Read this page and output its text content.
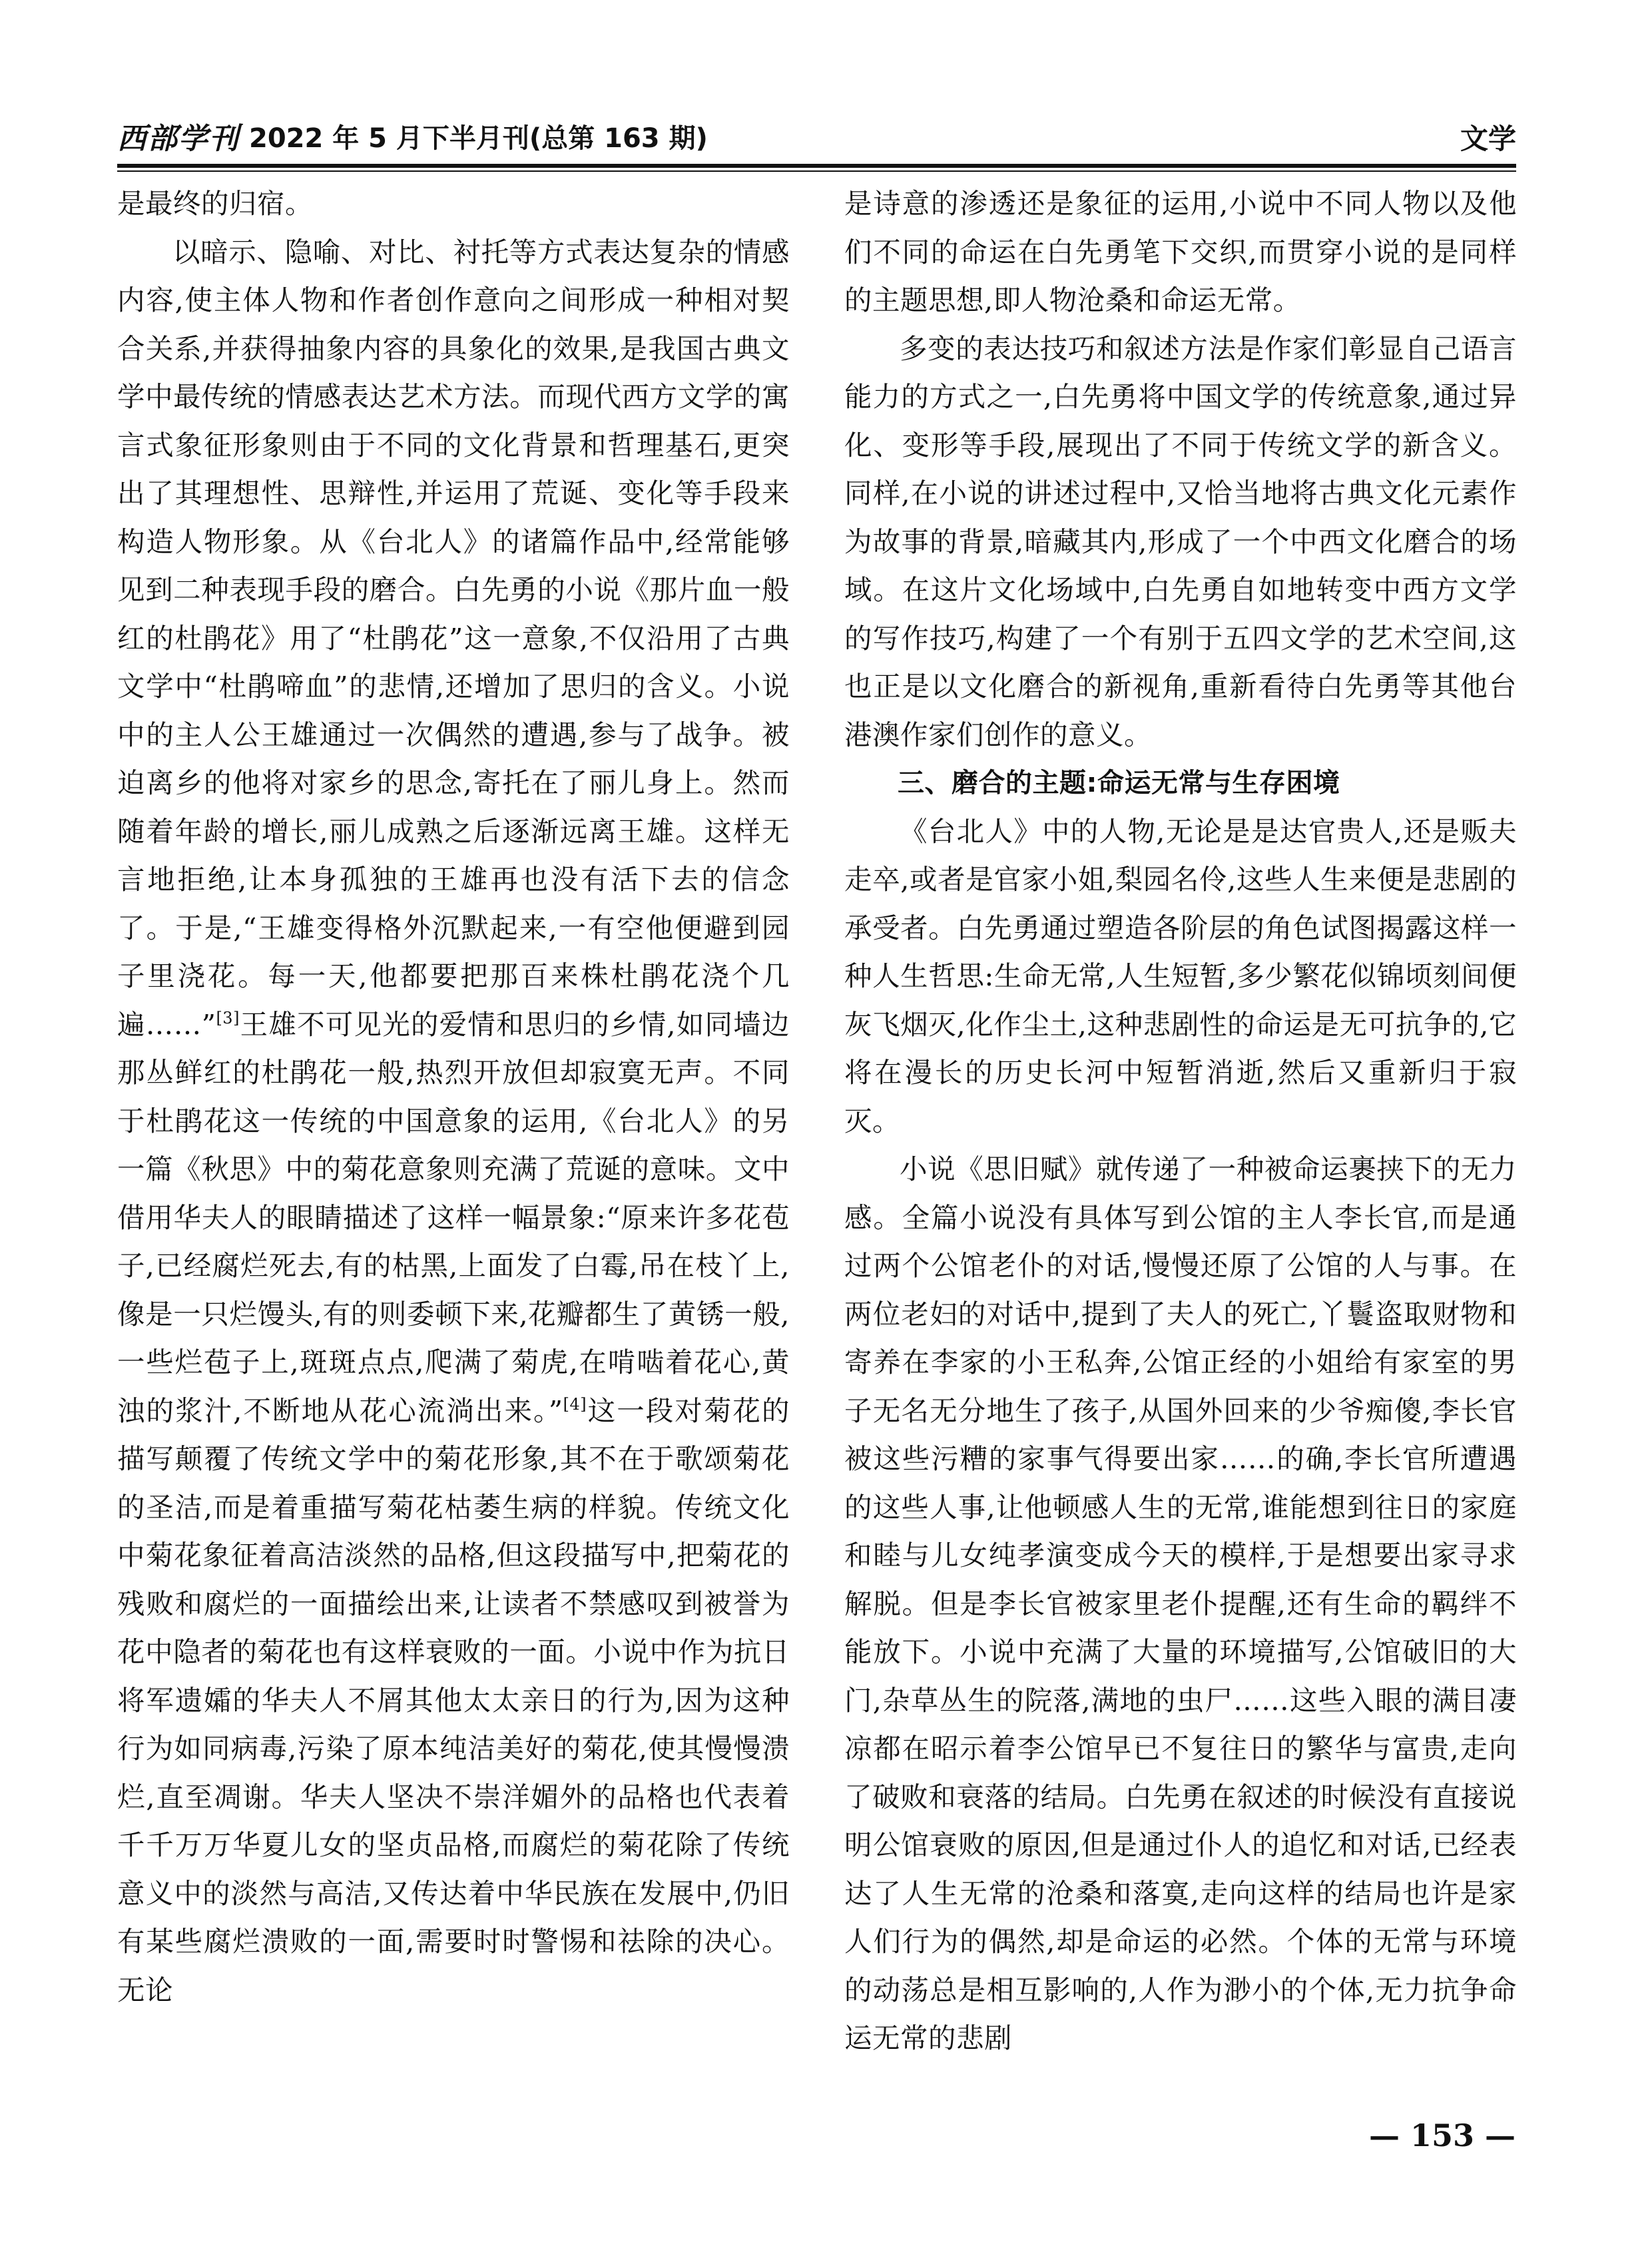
西部学刊 2022 年 5 月下半月刊(总第 163 期)	文学

是最终的归宿。

以暗示、隐喻、对比、衬托等方式表达复杂的情感内容,使主体人物和作者创作意向之间形成一种相对契合关系,并获得抽象内容的具象化的效果,是我国古典文学中最传统的情感表达艺术方法。而现代西方文学的寓言式象征形象则由于不同的文化背景和哲理基石,更突出了其理想性、思辩性,并运用了荒诞、变化等手段来构造人物形象。从《台北人》的诸篇作品中,经常能够见到二种表现手段的磨合。白先勇的小说《那片血一般红的杜鹃花》用了“杜鹃花”这一意象,不仅沿用了古典文学中“杜鹃啼血”的悲情,还增加了思归的含义。小说中的主人公王雄通过一次偶然的遭遇,参与了战争。被迫离乡的他将对家乡的思念,寄托在了丽儿身上。然而随着年龄的增长,丽儿成熟之后逐渐远离王雄。这样无言地拒绝,让本身孤独的王雄再也没有活下去的信念了。于是,“王雄变得格外沉默起来,一有空他便避到园子里浇花。每一天,他都要把那百来株杜鹃花浇个几遍……”[3]王雄不可见光的爱情和思归的乡情,如同墙边那丛鲜红的杜鹃花一般,热烈开放但却寂寞无声。不同于杜鹃花这一传统的中国意象的运用,《台北人》的另一篇《秋思》中的菊花意象则充满了荒诞的意味。文中借用华夫人的眼睛描述了这样一幅景象:“原来许多花苞子,已经腐烂死去,有的枯黑,上面发了白霉,吊在枝丫上,像是一只烂馒头,有的则委顿下来,花瓣都生了黄锈一般,一些烂苞子上,斑斑点点,爬满了菊虎,在啃啮着花心,黄浊的浆汁,不断地从花心流淌出来。”[4]这一段对菊花的描写颠覆了传统文学中的菊花形象,其不在于歌颂菊花的圣洁,而是着重描写菊花枯萎生病的样貌。传统文化中菊花象征着高洁淡然的品格,但这段描写中,把菊花的残败和腐烂的一面描绘出来,让读者不禁感叹到被誉为花中隐者的菊花也有这样衰败的一面。小说中作为抗日将军遗孀的华夫人不屑其他太太亲日的行为,因为这种行为如同病毒,污染了原本纯洁美好的菊花,使其慢慢溃烂,直至凋谢。华夫人坚决不崇洋媚外的品格也代表着千千万万华夏儿女的坚贞品格,而腐烂的菊花除了传统意义中的淡然与高洁,又传达着中华民族在发展中,仍旧有某些腐烂溃败的一面,需要时时警惕和祛除的决心。无论

是诗意的渗透还是象征的运用,小说中不同人物以及他们不同的命运在白先勇笔下交织,而贯穿小说的是同样的主题思想,即人物沧桑和命运无常。

多变的表达技巧和叙述方法是作家们彰显自己语言能力的方式之一,白先勇将中国文学的传统意象,通过异化、变形等手段,展现出了不同于传统文学的新含义。同样,在小说的讲述过程中,又恰当地将古典文化元素作为故事的背景,暗藏其内,形成了一个中西文化磨合的场域。在这片文化场域中,白先勇自如地转变中西方文学的写作技巧,构建了一个有别于五四文学的艺术空间,这也正是以文化磨合的新视角,重新看待白先勇等其他台港澳作家们创作的意义。

三、磨合的主题:命运无常与生存困境

《台北人》中的人物,无论是是达官贵人,还是贩夫走卒,或者是官家小姐,梨园名伶,这些人生来便是悲剧的承受者。白先勇通过塑造各阶层的角色试图揭露这样一种人生哲思:生命无常,人生短暂,多少繁花似锦顷刻间便灰飞烟灭,化作尘土,这种悲剧性的命运是无可抗争的,它将在漫长的历史长河中短暂消逝,然后又重新归于寂灭。

小说《思旧赋》就传递了一种被命运裹挟下的无力感。全篇小说没有具体写到公馆的主人李长官,而是通过两个公馆老仆的对话,慢慢还原了公馆的人与事。在两位老妇的对话中,提到了夫人的死亡,丫鬟盗取财物和寄养在李家的小王私奔,公馆正经的小姐给有家室的男子无名无分地生了孩子,从国外回来的少爷痴傻,李长官被这些污糟的家事气得要出家……的确,李长官所遭遇的这些人事,让他顿感人生的无常,谁能想到往日的家庭和睦与儿女纯孝演变成今天的模样,于是想要出家寻求解脱。但是李长官被家里老仆提醒,还有生命的羁绊不能放下。小说中充满了大量的环境描写,公馆破旧的大门,杂草丛生的院落,满地的虫尸……这些入眼的满目凄凉都在昭示着李公馆早已不复往日的繁华与富贵,走向了破败和衰落的结局。白先勇在叙述的时候没有直接说明公馆衰败的原因,但是通过仆人的追忆和对话,已经表达了人生无常的沧桑和落寞,走向这样的结局也许是家人们行为的偶然,却是命运的必然。个体的无常与环境的动荡总是相互影响的,人作为渺小的个体,无力抗争命运无常的悲剧

— 153 —
